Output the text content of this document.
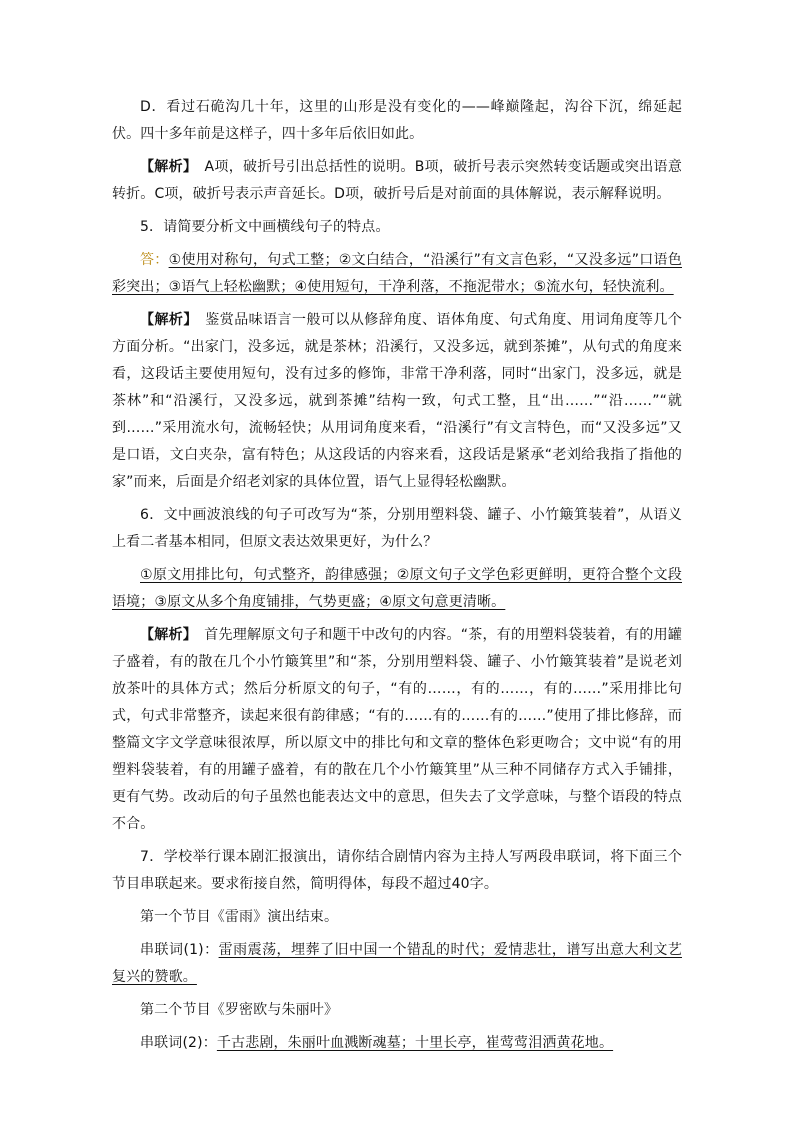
D．看过石硊沟几十年，这里的山形是没有变化的——峰巅隆起，沟谷下沉，绵延起伏。四十多年前是这样子，四十多年后依旧如此。

【解析】　A项，破折号引出总括性的说明。B项，破折号表示突然转变话题或突出语意转折。C项，破折号表示声音延长。D项，破折号后是对前面的具体解说，表示解释说明。

5．请简要分析文中画横线句子的特点。

答：①使用对称句，句式工整；②文白结合，“沿溪行”有文言色彩，“又没多远”口语色彩突出；③语气上轻松幽默；④使用短句，干净利落，不拖泥带水；⑤流水句，轻快流利。

【解析】　鉴赏品味语言一般可以从修辞角度、语体角度、句式角度、用词角度等几个方面分析。“出家门，没多远，就是茶林；沿溪行，又没多远，就到茶摊”，从句式的角度来看，这段话主要使用短句，没有过多的修饰，非常干净利落，同时“出家门，没多远，就是茶林”和“沿溪行，又没多远，就到茶摊”结构一致，句式工整，且“出……”“沿……”“就到……”采用流水句，流畅轻快；从用词角度来看，“沿溪行”有文言特色，而“又没多远”又是口语，文白夹杂，富有特色；从这段话的内容来看，这段话是紧承“老刘给我指了指他的家”而来，后面是介绍老刘家的具体位置，语气上显得轻松幽默。

6．文中画波浪线的句子可改写为“茶，分别用塑料袋、罐子、小竹簸箕装着”，从语义上看二者基本相同，但原文表达效果更好，为什么？

①原文用排比句，句式整齐，韵律感强；②原文句子文学色彩更鲜明，更符合整个文段语境；③原文从多个角度铺排，气势更盛；④原文句意更清晰。

【解析】　首先理解原文句子和题干中改句的内容。“茶，有的用塑料袋装着，有的用罐子盛着，有的散在几个小竹簸箕里”和“茶，分别用塑料袋、罐子、小竹簸箕装着”是说老刘放茶叶的具体方式；然后分析原文的句子，“有的……，有的……，有的……”采用排比句式，句式非常整齐，读起来很有韵律感；“有的……有的……有的……”使用了排比修辞，而整篇文字文学意味很浓厚，所以原文中的排比句和文章的整体色彩更吻合；文中说“有的用塑料袋装着，有的用罐子盛着，有的散在几个小竹簸箕里”从三种不同储存方式入手铺排，更有气势。改动后的句子虽然也能表达文中的意思，但失去了文学意味，与整个语段的特点不合。

7．学校举行课本剧汇报演出，请你结合剧情内容为主持人写两段串联词，将下面三个节目串联起来。要求衔接自然，简明得体，每段不超过40字。

第一个节目《雷雨》演出结束。

串联词(1)：雷雨震荡，埋葬了旧中国一个错乱的时代；爱情悲壮，谱写出意大利文艺复兴的赞歌。

第二个节目《罗密欧与朱丽叶》

串联词(2)：千古悲剧，朱丽叶血溅断魂墓；十里长亭，崔莺莺泪洒黄花地。
